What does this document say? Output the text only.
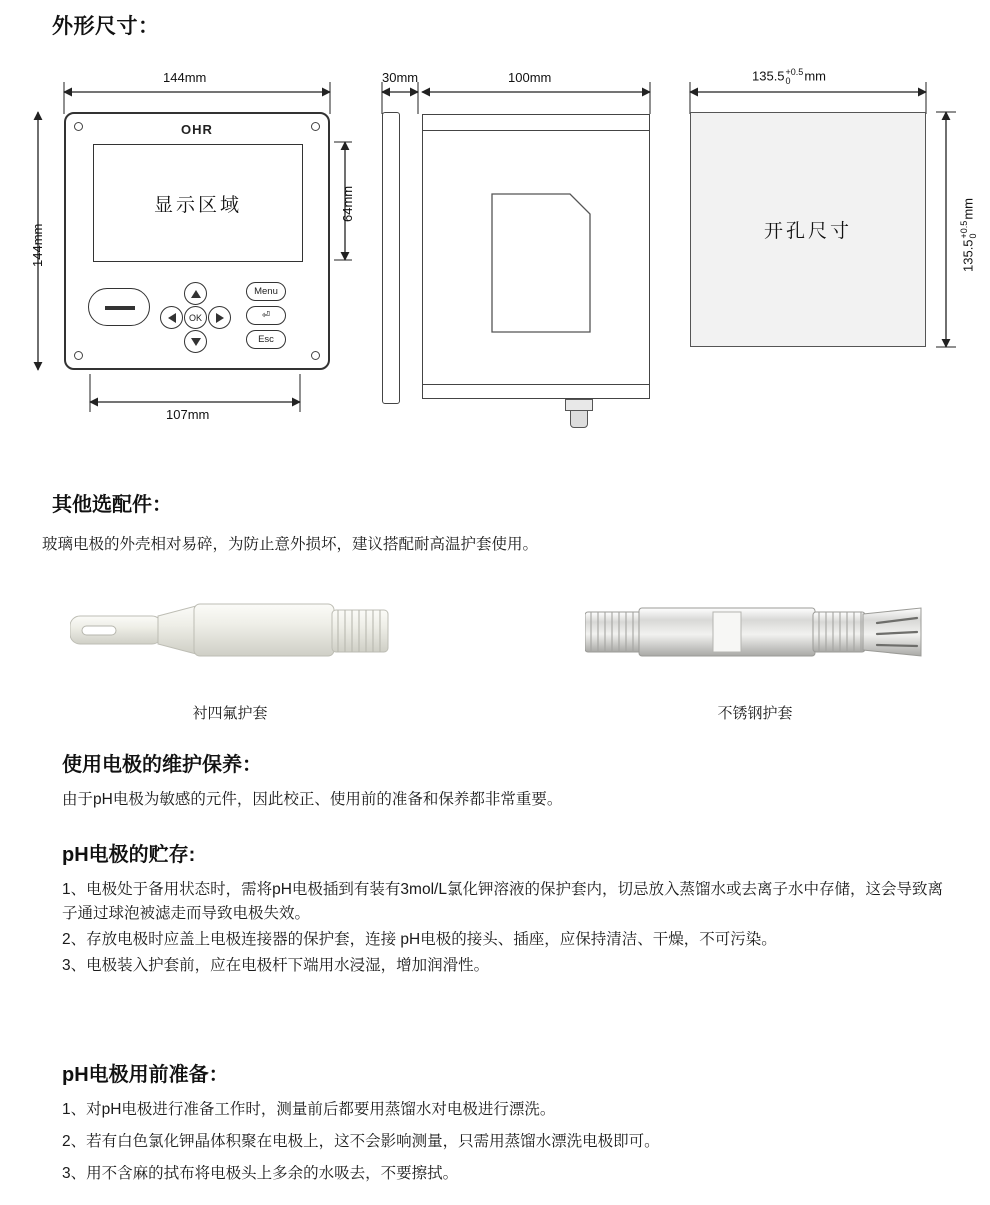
外形尺寸：
144mm
144mm
64mm
107mm
30mm	100mm	135.5 +0.5
0	mm
135.5
+0.5 0
mm
OHR
显示区域
OK
Menu
⏎
Esc
开孔尺寸
其他选配件：
玻璃电极的外壳相对易碎，为防止意外损坏，建议搭配耐高温护套使用。
衬四氟护套	不锈钢护套
使用电极的维护保养：
由于pH电极为敏感的元件，因此校正、使用前的准备和保养都非常重要。
pH电极的贮存:
1、电极处于备用状态时，需将pH电极插到有装有3mol/L氯化钾溶液的保护套内，切忌放入蒸馏水或去离子水中存储，这会导致离子通过球泡被滤走而导致电极失效。
2、存放电极时应盖上电极连接器的保护套，连接 pH电极的接头、插座，应保持清洁、干燥，不可污染。
3、电极装入护套前，应在电极杆下端用水浸湿，增加润滑性。
pH电极用前准备：
1、对pH电极进行准备工作时，测量前后都要用蒸馏水对电极进行漂洗。
2、若有白色氯化钾晶体积聚在电极上，这不会影响测量，只需用蒸馏水漂洗电极即可。
3、用不含麻的拭布将电极头上多余的水吸去，不要擦拭。
